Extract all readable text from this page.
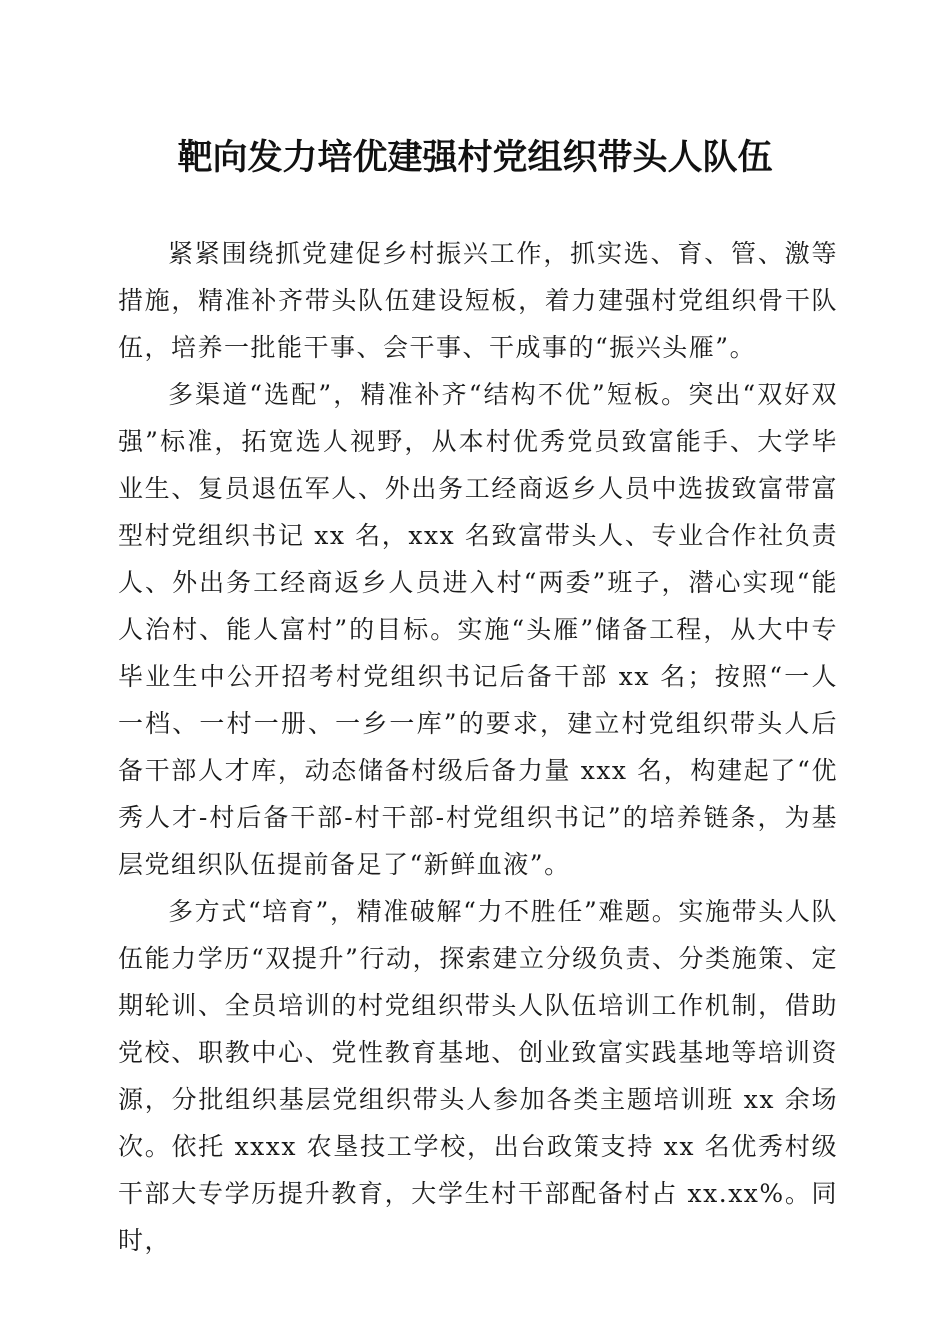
靶向发力培优建强村党组织带头人队伍

紧紧围绕抓党建促乡村振兴工作，抓实选、育、管、激等措施，精准补齐带头队伍建设短板，着力建强村党组织骨干队伍，培养一批能干事、会干事、干成事的“振兴头雁”。

多渠道“选配”，精准补齐“结构不优”短板。突出“双好双强”标准，拓宽选人视野，从本村优秀党员致富能手、大学毕业生、复员退伍军人、外出务工经商返乡人员中选拔致富带富型村党组织书记 xx 名，xxx 名致富带头人、专业合作社负责人、外出务工经商返乡人员进入村“两委”班子，潜心实现“能人治村、能人富村”的目标。实施“头雁”储备工程，从大中专毕业生中公开招考村党组织书记后备干部 xx 名；按照“一人一档、一村一册、一乡一库”的要求，建立村党组织带头人后备干部人才库，动态储备村级后备力量 xxx 名，构建起了“优秀人才-村后备干部-村干部-村党组织书记”的培养链条，为基层党组织队伍提前备足了“新鲜血液”。

多方式“培育”，精准破解“力不胜任”难题。实施带头人队伍能力学历“双提升”行动，探索建立分级负责、分类施策、定期轮训、全员培训的村党组织带头人队伍培训工作机制，借助党校、职教中心、党性教育基地、创业致富实践基地等培训资源，分批组织基层党组织带头人参加各类主题培训班 xx 余场次。依托 xxxx 农垦技工学校，出台政策支持 xx 名优秀村级干部大专学历提升教育，大学生村干部配备村占 xx.xx%。同时，
